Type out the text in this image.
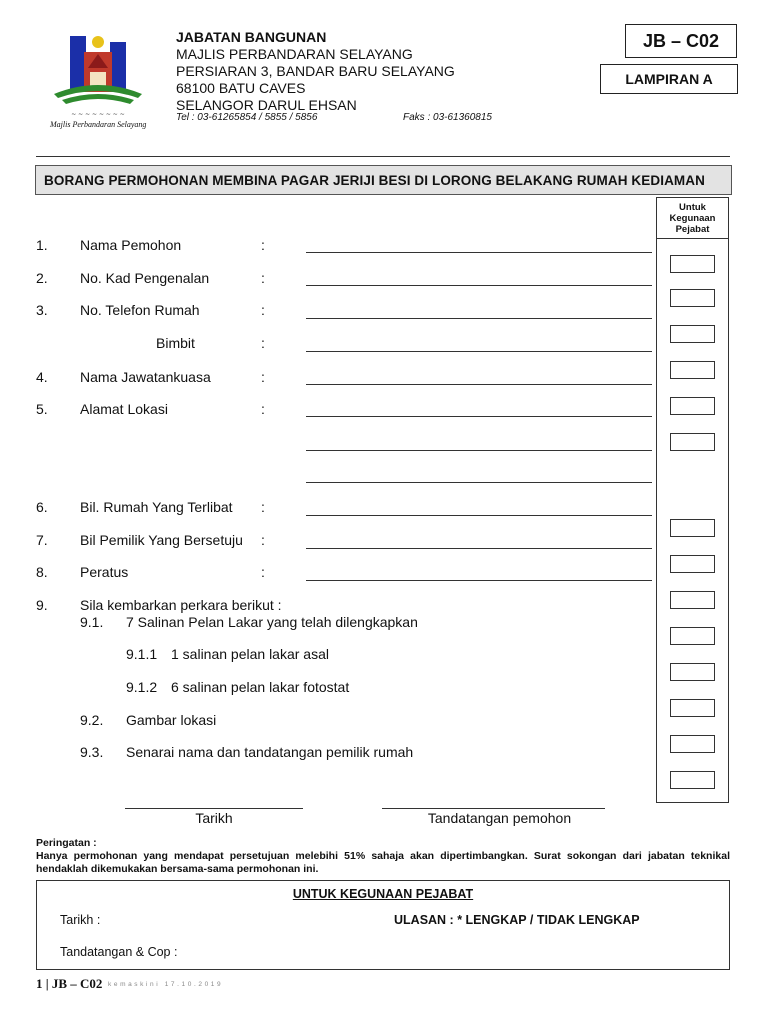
~ ~ ~ ~ ~ ~ ~ ~
Majlis Perbandaran Selayang
JABATAN BANGUNAN
MAJLIS PERBANDARAN SELAYANG
PERSIARAN 3, BANDAR BARU SELAYANG
68100 BATU CAVES
SELANGOR DARUL EHSAN
Tel : 03-61265854 / 5855 / 5856	Faks : 03-61360815
JB – C02
LAMPIRAN A
BORANG PERMOHONAN MEMBINA PAGAR JERIJI BESI DI LORONG BELAKANG RUMAH KEDIAMAN
Untuk
Kegunaan
Pejabat
1. Nama Pemohon	:
2. No. Kad Pengenalan	:
3. No. Telefon Rumah	:
Bimbit	:
4. Nama Jawatankuasa	:
5. Alamat Lokasi	:
6. Bil. Rumah Yang Terlibat :
7. Bil Pemilik Yang Bersetuju :
8. Peratus	:
9. Sila kembarkan perkara berikut :
9.1. 7 Salinan Pelan Lakar yang telah dilengkapkan
9.1.1 1 salinan pelan lakar asal
9.1.2 6 salinan pelan lakar fotostat
9.2. Gambar lokasi
9.3. Senarai nama dan tandatangan pemilik rumah
Tarikh	Tandatangan pemohon
Peringatan :
Hanya permohonan yang mendapat persetujuan melebihi 51% sahaja akan dipertimbangkan. Surat sokongan dari jabatan teknikal hendaklah dikemukakan bersama-sama permohonan ini.
UNTUK KEGUNAAN PEJABAT
Tarikh :	ULASAN : * LENGKAP / TIDAK LENGKAP
Tandatangan & Cop :
1 | JB – C02 kemaskini 17.10.2019
